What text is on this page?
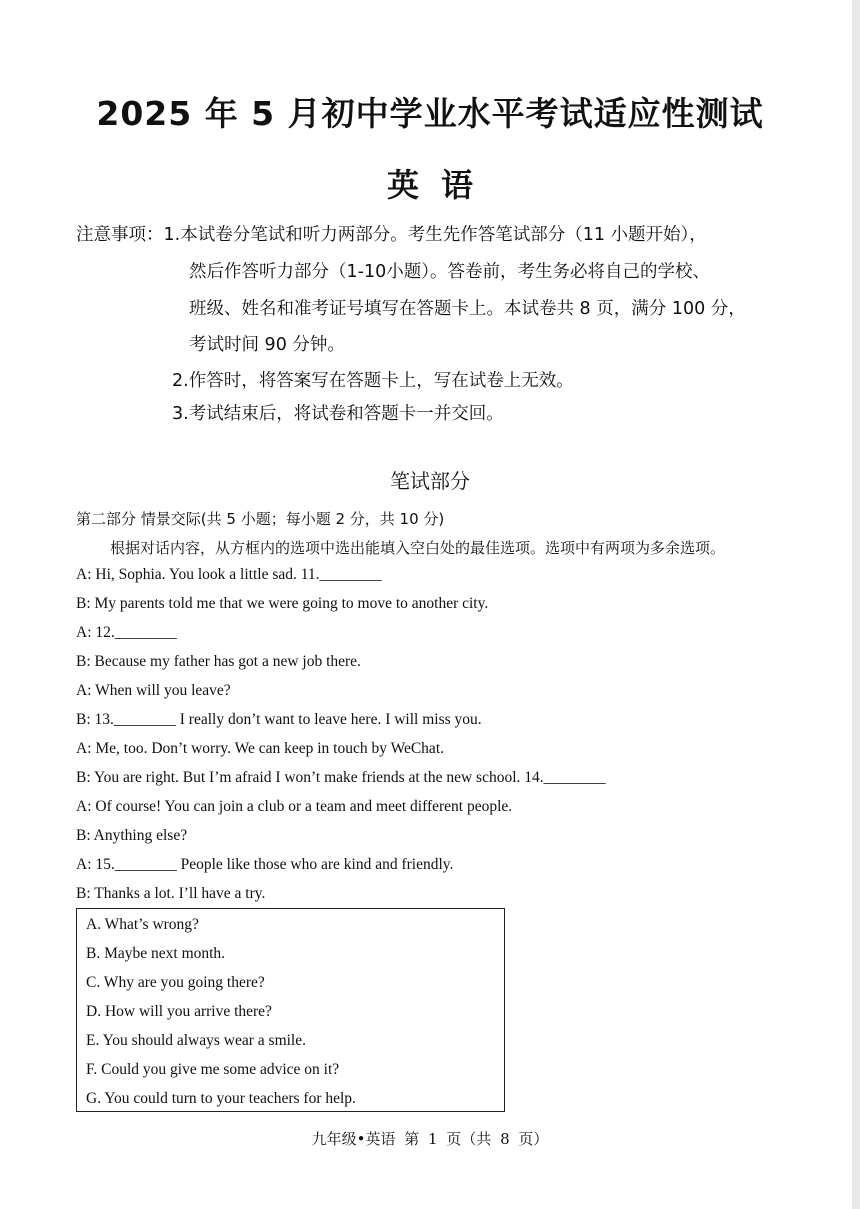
2025 年 5 月初中学业水平考试适应性测试
英语
注意事项：1.本试卷分笔试和听力两部分。考生先作答笔试部分（11 小题开始），
然后作答听力部分（1-10小题）。答卷前，考生务必将自己的学校、
班级、姓名和准考证号填写在答题卡上。本试卷共 8 页，满分 100 分，
考试时间 90 分钟。
2.作答时，将答案写在答题卡上，写在试卷上无效。
3.考试结束后，将试卷和答题卡一并交回。
笔试部分
第二部分 情景交际(共 5 小题；每小题 2 分，共 10 分)
根据对话内容，从方框内的选项中选出能填入空白处的最佳选项。选项中有两项为多余选项。
A: Hi, Sophia. You look a little sad. 11.________
B: My parents told me that we were going to move to another city.
A: 12.________
B: Because my father has got a new job there.
A: When will you leave?
B: 13.________ I really don’t want to leave here. I will miss you.
A: Me, too. Don’t worry. We can keep in touch by WeChat.
B: You are right. But I’m afraid I won’t make friends at the new school. 14.________
A: Of course! You can join a club or a team and meet different people.
B: Anything else?
A: 15.________ People like those who are kind and friendly.
B: Thanks a lot. I’ll have a try.
A. What’s wrong?
B. Maybe next month.
C. Why are you going there?
D. How will you arrive there?
E. You should always wear a smile.
F. Could you give me some advice on it?
G. You could turn to your teachers for help.
九年级•英语 第 1 页（共 8 页）
